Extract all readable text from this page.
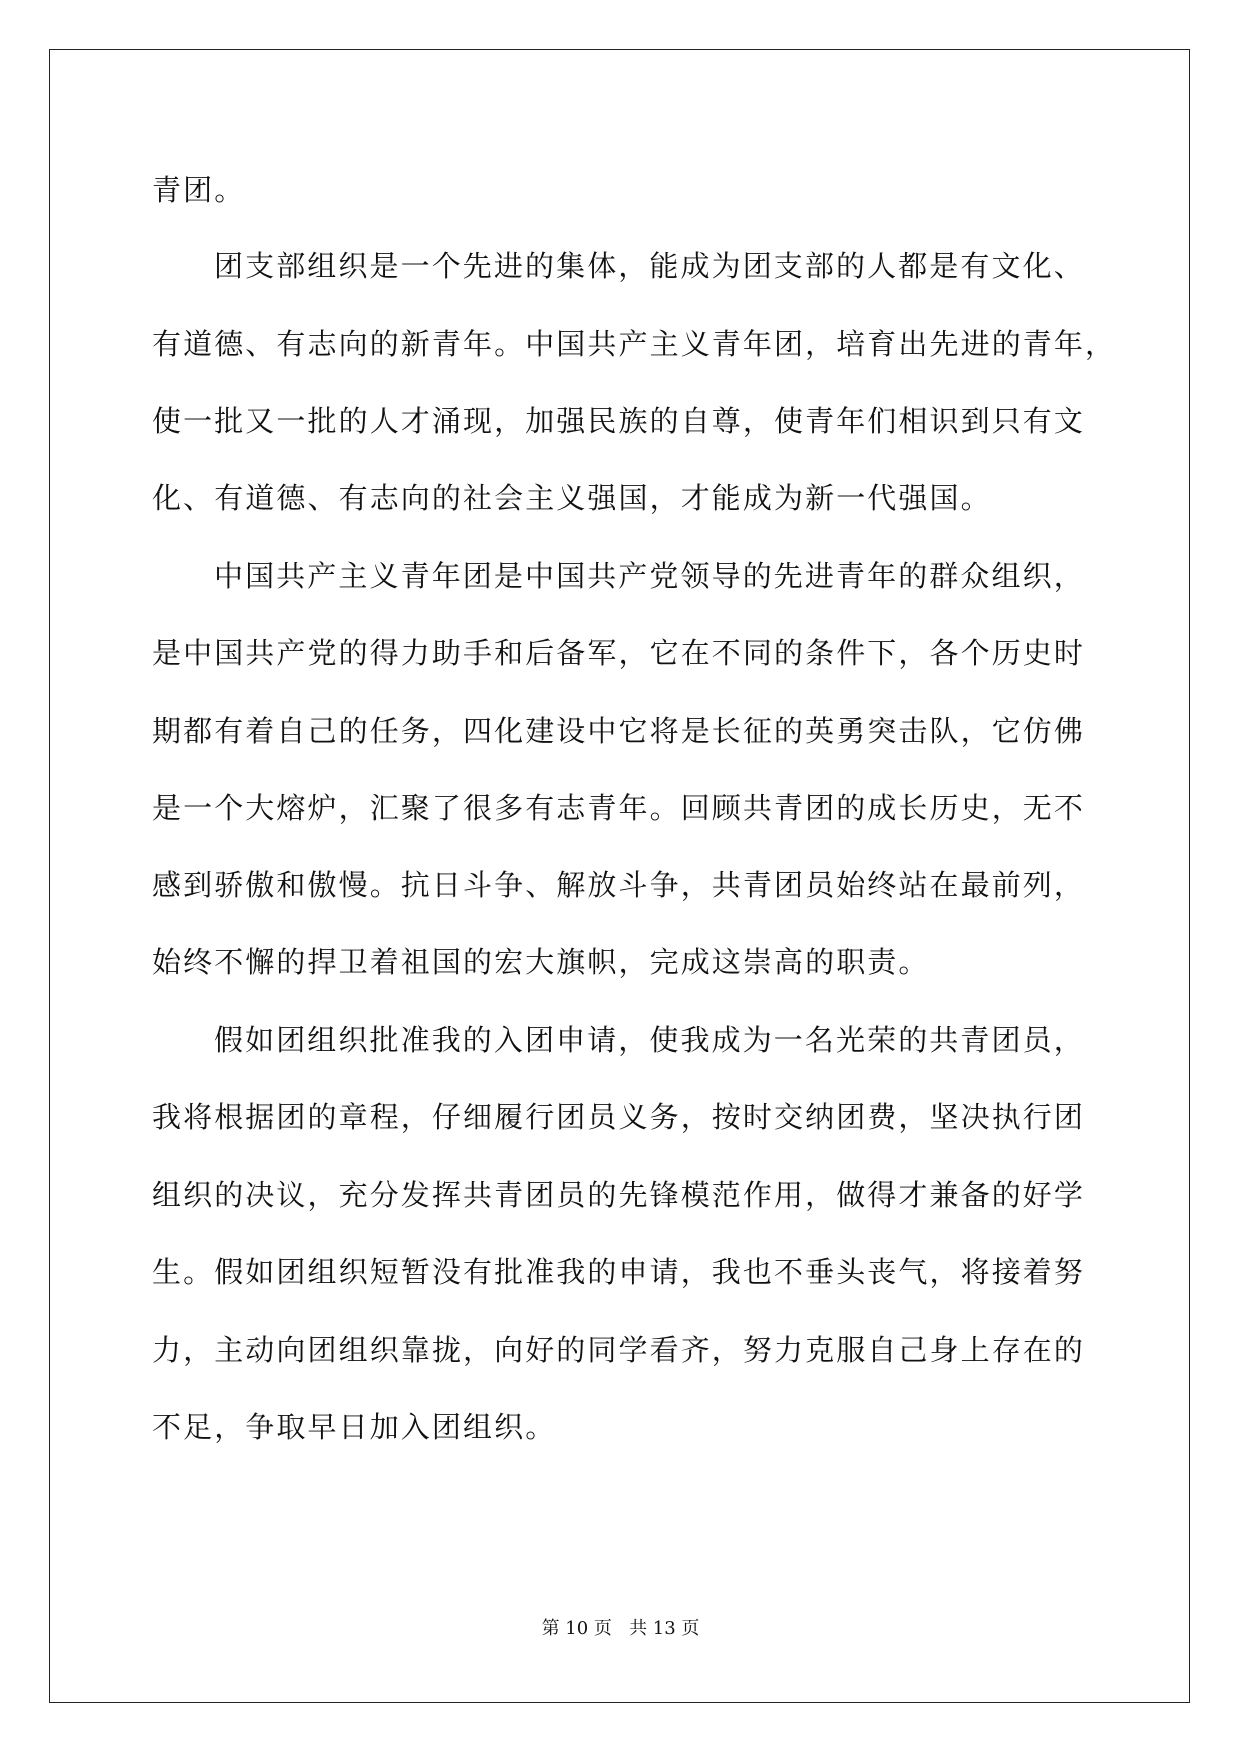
青团。
团支部组织是一个先进的集体，能成为团支部的人都是有文化、
有道德、有志向的新青年。中国共产主义青年团，培育出先进的青年，
使一批又一批的人才涌现，加强民族的自尊，使青年们相识到只有文
化、有道德、有志向的社会主义强国，才能成为新一代强国。
中国共产主义青年团是中国共产党领导的先进青年的群众组织，
是中国共产党的得力助手和后备军，它在不同的条件下，各个历史时
期都有着自己的任务，四化建设中它将是长征的英勇突击队，它仿佛
是一个大熔炉，汇聚了很多有志青年。回顾共青团的成长历史，无不
感到骄傲和傲慢。抗日斗争、解放斗争，共青团员始终站在最前列，
始终不懈的捍卫着祖国的宏大旗帜，完成这崇高的职责。
假如团组织批准我的入团申请，使我成为一名光荣的共青团员，
我将根据团的章程，仔细履行团员义务，按时交纳团费，坚决执行团
组织的决议，充分发挥共青团员的先锋模范作用，做得才兼备的好学
生。假如团组织短暂没有批准我的申请，我也不垂头丧气，将接着努
力，主动向团组织靠拢，向好的同学看齐，努力克服自己身上存在的
不足，争取早日加入团组织。
第 10 页   共 13 页
